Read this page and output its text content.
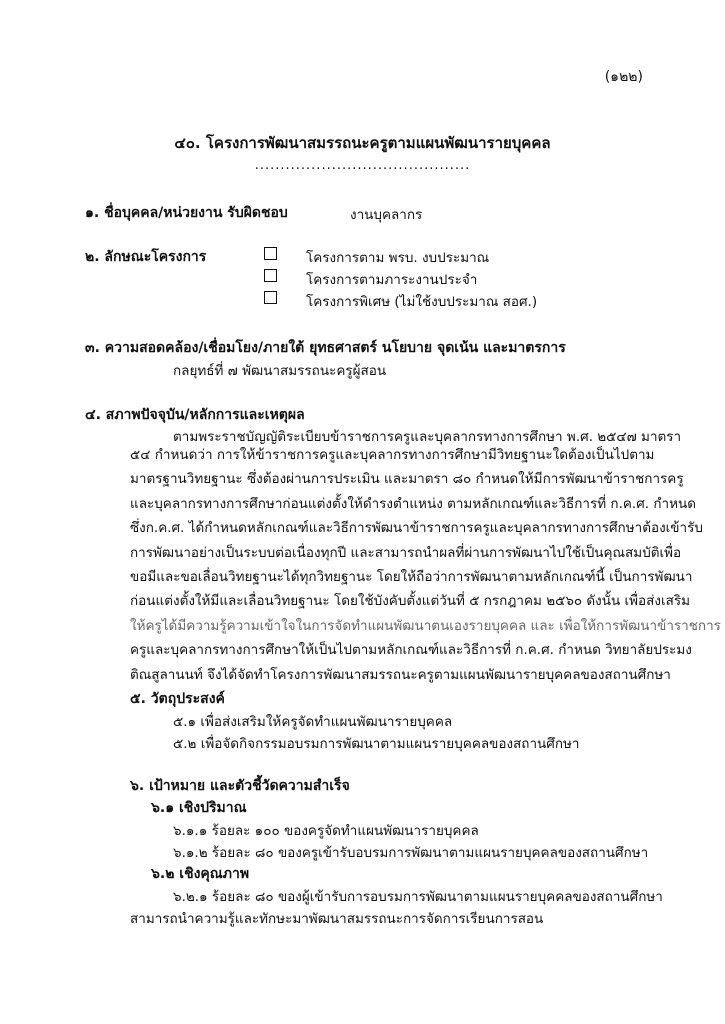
(๑๒๒)
๔๐. โครงการพัฒนาสมรรถนะครูตามแผนพัฒนารายบุคคล
..........................................
๑. ชื่อบุคคล/หน่วยงาน รับผิดชอบ	งานบุคลากร
๒. ลักษณะโครงการ	โครงการตาม พรบ. งบประมาณ
โครงการตามภาระงานประจำ
โครงการพิเศษ (ไม่ใช้งบประมาณ สอศ.)
๓. ความสอดคล้อง/เชื่อมโยง/ภายใต้ ยุทธศาสตร์ นโยบาย จุดเน้น และมาตรการ
กลยุทธ์ที่ ๗ พัฒนาสมรรถนะครูผู้สอน
๔. สภาพปัจจุบัน/หลักการและเหตุผล
ตามพระราชบัญญัติระเบียบข้าราชการครูและบุคลากรทางการศึกษา พ.ศ. ๒๕๔๗ มาตรา
๕๔ กำหนดว่า การให้ข้าราชการครูและบุคลากรทางการศึกษามีวิทยฐานะใดต้องเป็นไปตาม
มาตรฐานวิทยฐานะ ซึ่งต้องผ่านการประเมิน และมาตรา ๘๐ กำหนดให้มีการพัฒนาข้าราชการครู
และบุคลากรทางการศึกษาก่อนแต่งตั้งให้ดำรงตำแหน่ง ตามหลักเกณฑ์และวิธีการที่ ก.ค.ศ. กำหนด
ซึ่งก.ค.ศ. ได้กำหนดหลักเกณฑ์และวิธีการพัฒนาข้าราชการครูและบุคลากรทางการศึกษาต้องเข้ารับ
การพัฒนาอย่างเป็นระบบต่อเนื่องทุกปี และสามารถนำผลที่ผ่านการพัฒนาไปใช้เป็นคุณสมบัติเพื่อ
ขอมีและขอเลื่อนวิทยฐานะได้ทุกวิทยฐานะ โดยให้ถือว่าการพัฒนาตามหลักเกณฑ์นี้ เป็นการพัฒนา
ก่อนแต่งตั้งให้มีและเลื่อนวิทยฐานะ โดยใช้บังคับตั้งแต่วันที่ ๕ กรกฎาคม ๒๕๖๐ ดังนั้น เพื่อส่งเสริม
ให้ครูได้มีความรู้ความเข้าใจในการจัดทำแผนพัฒนาตนเองรายบุคคล และ เพื่อให้การพัฒนาข้าราชการ
ครูและบุคลากรทางการศึกษาให้เป็นไปตามหลักเกณฑ์และวิธีการที่ ก.ค.ศ. กำหนด วิทยาลัยประมง
ติณสูลานนท์ จึงได้จัดทำโครงการพัฒนาสมรรถนะครูตามแผนพัฒนารายบุคคลของสถานศึกษา
๕. วัตถุประสงค์
๕.๑ เพื่อส่งเสริมให้ครูจัดทำแผนพัฒนารายบุคคล
๕.๒ เพื่อจัดกิจกรรมอบรมการพัฒนาตามแผนรายบุคคลของสถานศึกษา
๖. เป้าหมาย และตัวชี้วัดความสำเร็จ
๖.๑ เชิงปริมาณ
๖.๑.๑ ร้อยละ ๑๐๐ ของครูจัดทำแผนพัฒนารายบุคคล
๖.๑.๒ ร้อยละ ๘๐ ของครูเข้ารับอบรมการพัฒนาตามแผนรายบุคคลของสถานศึกษา
๖.๒ เชิงคุณภาพ
๖.๒.๑ ร้อยละ ๘๐ ของผู้เข้ารับการอบรมการพัฒนาตามแผนรายบุคคลของสถานศึกษา
สามารถนำความรู้และทักษะมาพัฒนาสมรรถนะการจัดการเรียนการสอน
